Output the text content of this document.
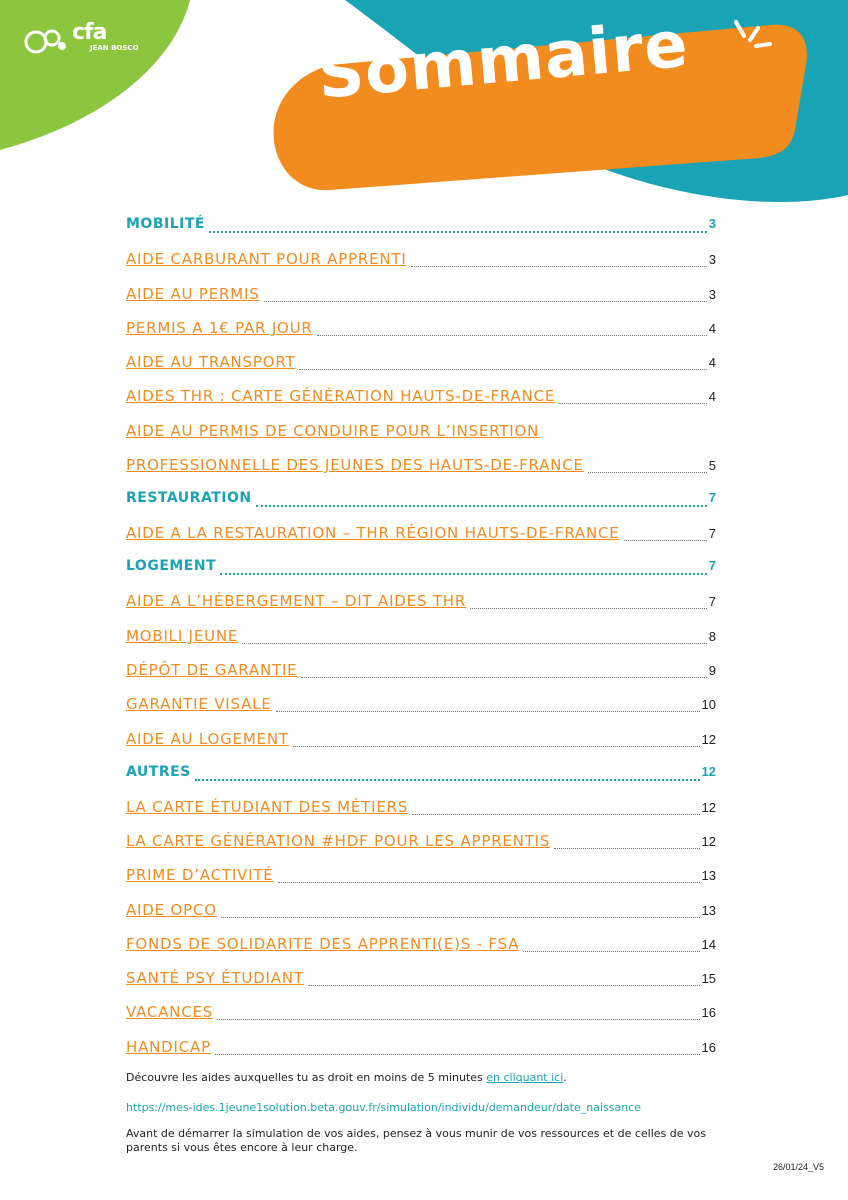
cfa
JEAN BOSCO	Sommaire
MOBILITÉ	3
AIDE CARBURANT POUR APPRENTI	3
AIDE AU PERMIS	3
PERMIS A 1€ PAR JOUR	4
AIDE AU TRANSPORT	4
AIDES THR : CARTE GÉNÉRATION HAUTS-DE-FRANCE	4
AIDE AU PERMIS DE CONDUIRE POUR L’INSERTION
PROFESSIONNELLE DES JEUNES DES HAUTS-DE-FRANCE	5
RESTAURATION	7
AIDE A LA RESTAURATION – THR RÉGION HAUTS-DE-FRANCE	7
LOGEMENT	7
AIDE A L’HÉBERGEMENT – DIT AIDES THR	7
MOBILI JEUNE	8
DÉPÔT DE GARANTIE	9
GARANTIE VISALE	10
AIDE AU LOGEMENT	12
AUTRES	12
LA CARTE ÉTUDIANT DES MÉTIERS	12
LA CARTE GÉNÉRATION #HDF POUR LES APPRENTIS	12
PRIME D’ACTIVITÉ	13
AIDE OPCO	13
FONDS DE SOLIDARITE DES APPRENTI(E)S - FSA	14
SANTÉ PSY ÉTUDIANT	15
VACANCES	16
HANDICAP	16
Découvre les aides auxquelles tu as droit en moins de 5 minutes en cliquant ici.
https://mes-ides.1jeune1solution.beta.gouv.fr/simulation/individu/demandeur/date_naissance
Avant de démarrer la simulation de vos aides, pensez à vous munir de vos ressources et de celles de vos parents si vous êtes encore à leur charge.
26/01/24_V5
